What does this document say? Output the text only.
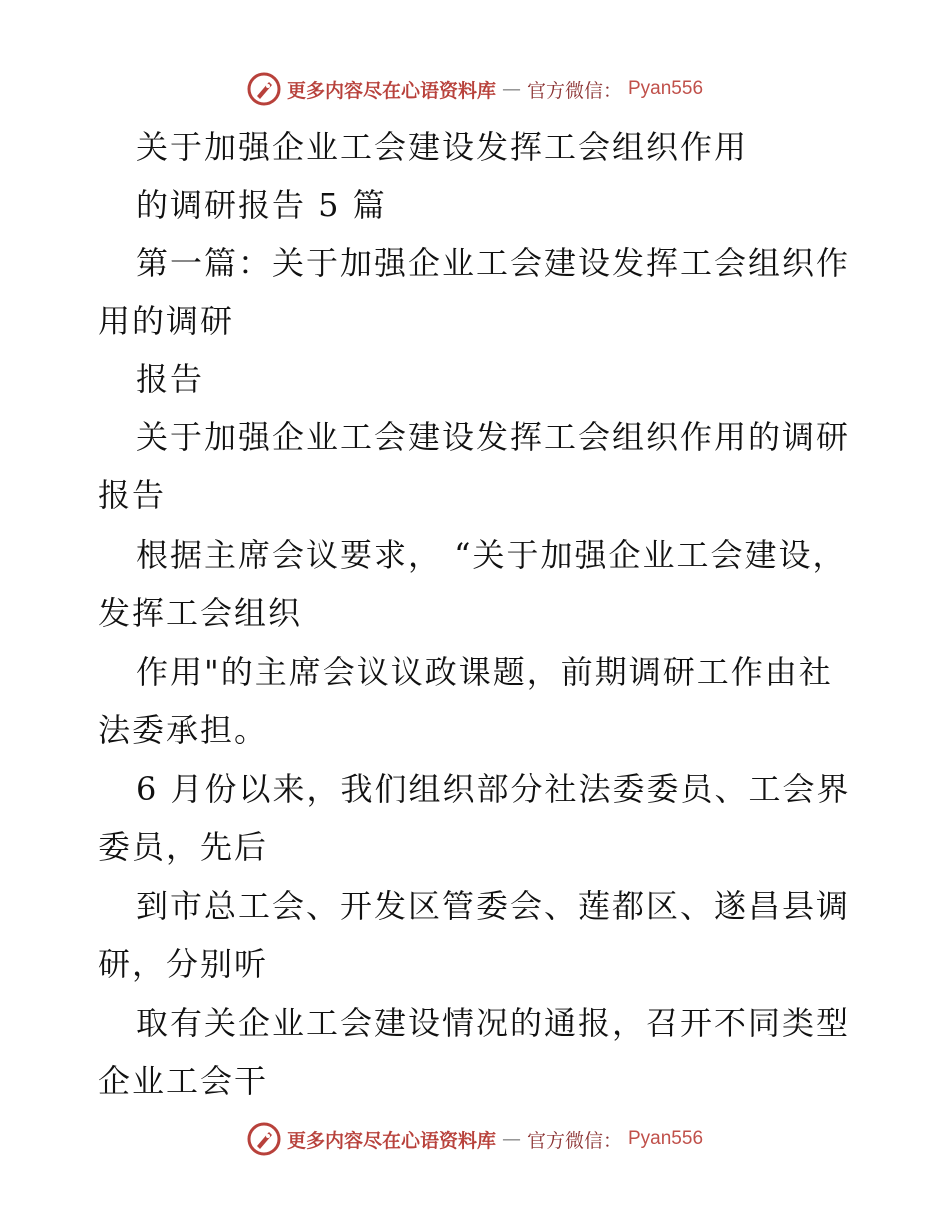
更多内容尽在心语资料库 — 官方微信： Pyan556
关于加强企业工会建设发挥工会组织作用
的调研报告 5 篇
第一篇：关于加强企业工会建设发挥工会组织作
用的调研
报告
关于加强企业工会建设发挥工会组织作用的调研
报告
根据主席会议要求， “关于加强企业工会建设，
发挥工会组织
作用"的主席会议议政课题，前期调研工作由社
法委承担。
6 月份以来，我们组织部分社法委委员、工会界
委员，先后
到市总工会、开发区管委会、莲都区、遂昌县调
研，分别听
取有关企业工会建设情况的通报，召开不同类型
企业工会干
更多内容尽在心语资料库 — 官方微信： Pyan556
